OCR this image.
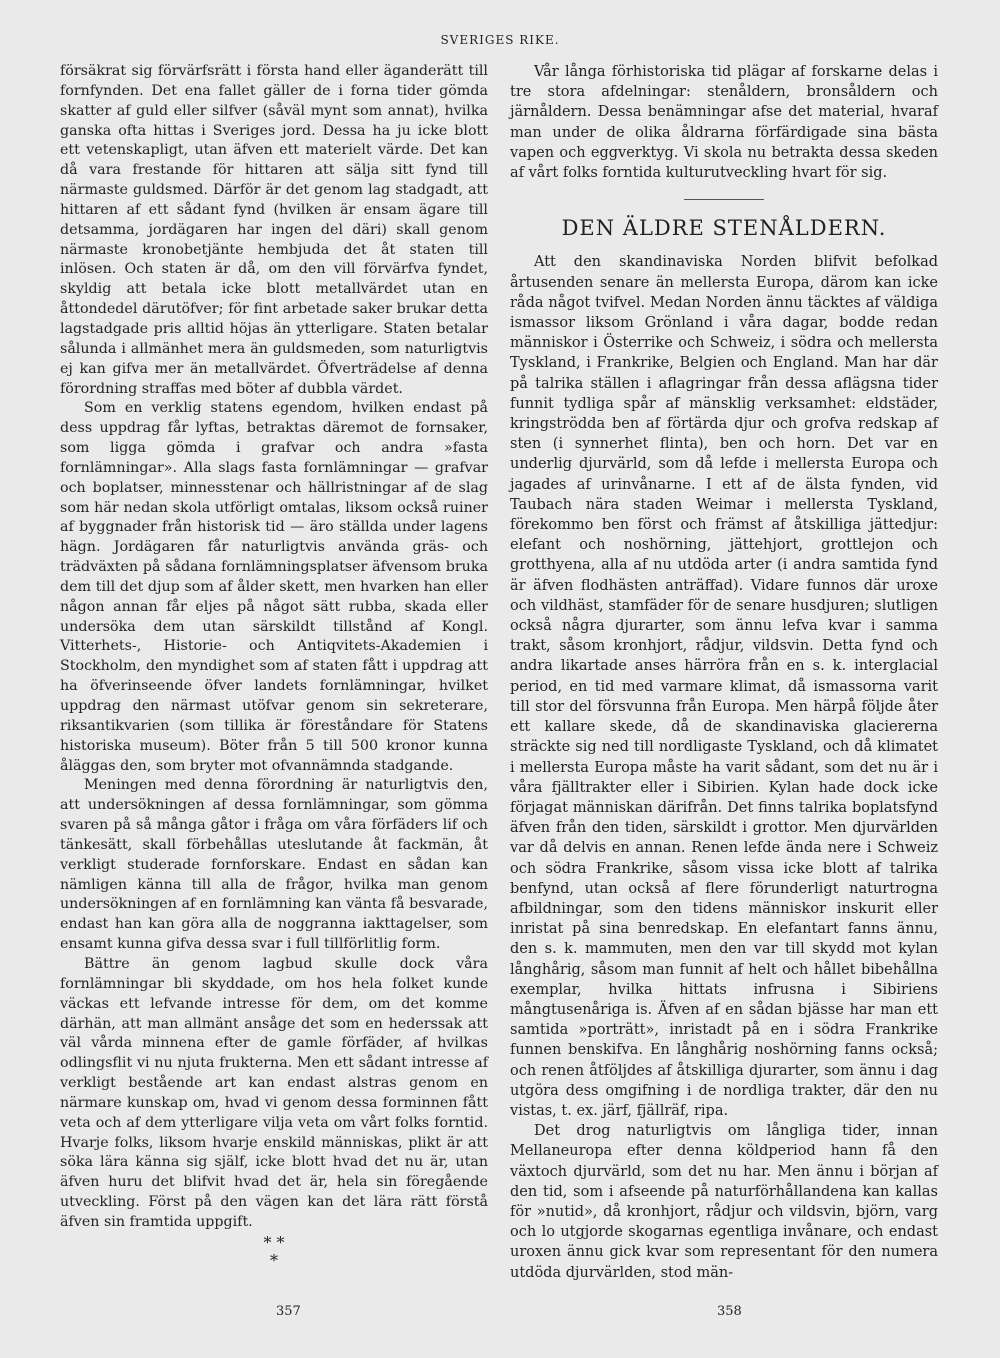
SVERIGES RIKE.

försäkrat sig förvärfsrätt i första hand eller äganderätt till fornfynden. Det ena fallet gäller de i forna tider gömda skatter af guld eller silfver (såväl mynt som annat), hvilka ganska ofta hittas i Sveriges jord. Dessa ha ju icke blott ett vetenskapligt, utan äfven ett materielt värde. Det kan då vara frestande för hittaren att sälja sitt fynd till närmaste guldsmed. Därför är det genom lag stadgadt, att hittaren af ett sådant fynd (hvilken är ensam ägare till detsamma, jordägaren har ingen del däri) skall genom närmaste kronobetjänte hembjuda det åt staten till inlösen. Och staten är då, om den vill förvärfva fyndet, skyldig att betala icke blott metallvärdet utan en åttondedel därutöfver; för fint arbetade saker brukar detta lagstadgade pris alltid höjas än ytterligare. Staten betalar sålunda i allmänhet mera än guldsmeden, som naturligtvis ej kan gifva mer än metallvärdet. Öfverträdelse af denna förordning straffas med böter af dubbla värdet.

Som en verklig statens egendom, hvilken endast på dess uppdrag får lyftas, betraktas däremot de fornsaker, som ligga gömda i grafvar och andra »fasta fornlämningar». Alla slags fasta fornlämningar — grafvar och boplatser, minnesstenar och hällristningar af de slag som här nedan skola utförligt omtalas, liksom också ruiner af byggnader från historisk tid — äro ställda under lagens hägn. Jordägaren får naturligtvis använda gräs- och trädväxten på sådana fornlämningsplatser äfvensom bruka dem till det djup som af ålder skett, men hvarken han eller någon annan får eljes på något sätt rubba, skada eller undersöka dem utan särskildt tillstånd af Kongl. Vitterhets-, Historie- och Antiqvitets-Akademien i Stockholm, den myndighet som af staten fått i uppdrag att ha öfverinseende öfver landets fornlämningar, hvilket uppdrag den närmast utöfvar genom sin sekreterare, riksantikvarien (som tillika är föreståndare för Statens historiska museum). Böter från 5 till 500 kronor kunna åläggas den, som bryter mot ofvannämnda stadgande.

Meningen med denna förordning är naturligtvis den, att undersökningen af dessa fornlämningar, som gömma svaren på så många gåtor i fråga om våra förfäders lif och tänkesätt, skall förbehållas uteslutande åt fackmän, åt verkligt studerade fornforskare. Endast en sådan kan nämligen känna till alla de frågor, hvilka man genom undersökningen af en fornlämning kan vänta få besvarade, endast han kan göra alla de noggranna iakttagelser, som ensamt kunna gifva dessa svar i full tillförlitlig form.

Bättre än genom lagbud skulle dock våra fornlämningar bli skyddade, om hos hela folket kunde väckas ett lefvande intresse för dem, om det komme därhän, att man allmänt ansåge det som en hederssak att väl vårda minnena efter de gamle förfäder, af hvilkas odlingsflit vi nu njuta frukterna. Men ett sådant intresse af verkligt bestående art kan endast alstras genom en närmare kunskap om, hvad vi genom dessa forminnen fått veta och af dem ytterligare vilja veta om vårt folks forntid. Hvarje folks, liksom hvarje enskild människas, plikt är att söka lära känna sig själf, icke blott hvad det nu är, utan äfven huru det blifvit hvad det är, hela sin föregående utveckling. Först på den vägen kan det lära rätt förstå äfven sin framtida uppgift.

* *
*

Vår långa förhistoriska tid plägar af forskarne delas i tre stora afdelningar: stenåldern, bronsåldern och järnåldern. Dessa benämningar afse det material, hvaraf man under de olika åldrarna förfärdigade sina bästa vapen och eggverktyg. Vi skola nu betrakta dessa skeden af vårt folks forntida kulturutveckling hvart för sig.

DEN ÄLDRE STENÅLDERN.

Att den skandinaviska Norden blifvit befolkad årtusenden senare än mellersta Europa, därom kan icke råda något tvifvel. Medan Norden ännu täcktes af väldiga ismassor liksom Grönland i våra dagar, bodde redan människor i Österrike och Schweiz, i södra och mellersta Tyskland, i Frankrike, Belgien och England. Man har där på talrika ställen i aflagringar från dessa aflägsna tider funnit tydliga spår af mänsklig verksamhet: eldstäder, kringströdda ben af förtärda djur och grofva redskap af sten (i synnerhet flinta), ben och horn. Det var en underlig djurvärld, som då lefde i mellersta Europa och jagades af urinvånarne. I ett af de älsta fynden, vid Taubach nära staden Weimar i mellersta Tyskland, förekommo ben först och främst af åtskilliga jättedjur: elefant och noshörning, jättehjort, grottlejon och grotthyena, alla af nu utdöda arter (i andra samtida fynd är äfven flodhästen anträffad). Vidare funnos där uroxe och vildhäst, stamfäder för de senare husdjuren; slutligen också några djurarter, som ännu lefva kvar i samma trakt, såsom kronhjort, rådjur, vildsvin. Detta fynd och andra likartade anses härröra från en s. k. interglacial period, en tid med varmare klimat, då ismassorna varit till stor del försvunna från Europa. Men härpå följde åter ett kallare skede, då de skandinaviska glaciererna sträckte sig ned till nordligaste Tyskland, och då klimatet i mellersta Europa måste ha varit sådant, som det nu är i våra fjälltrakter eller i Sibirien. Kylan hade dock icke förjagat människan därifrån. Det finns talrika boplatsfynd äfven från den tiden, särskildt i grottor. Men djurvärlden var då delvis en annan. Renen lefde ända nere i Schweiz och södra Frankrike, såsom vissa icke blott af talrika benfynd, utan också af flere förunderligt naturtrogna afbildningar, som den tidens människor inskurit eller inristat på sina benredskap. En elefantart fanns ännu, den s. k. mammuten, men den var till skydd mot kylan långhårig, såsom man funnit af helt och hållet bibehållna exemplar, hvilka hittats infrusna i Sibiriens mångtusenåriga is. Äfven af en sådan bjässe har man ett samtida »porträtt», inristadt på en i södra Frankrike funnen benskifva. En långhårig noshörning fanns också; och renen åtföljdes af åtskilliga djurarter, som ännu i dag utgöra dess omgifning i de nordliga trakter, där den nu vistas, t. ex. järf, fjällräf, ripa.

Det drog naturligtvis om långliga tider, innan Mellaneuropa efter denna köldperiod hann få den växtoch djurvärld, som det nu har. Men ännu i början af den tid, som i afseende på naturförhållandena kan kallas för »nutid», då kronhjort, rådjur och vildsvin, björn, varg och lo utgjorde skogarnas egentliga invånare, och endast uroxen ännu gick kvar som representant för den numera utdöda djurvärlden, stod män-

357	358
